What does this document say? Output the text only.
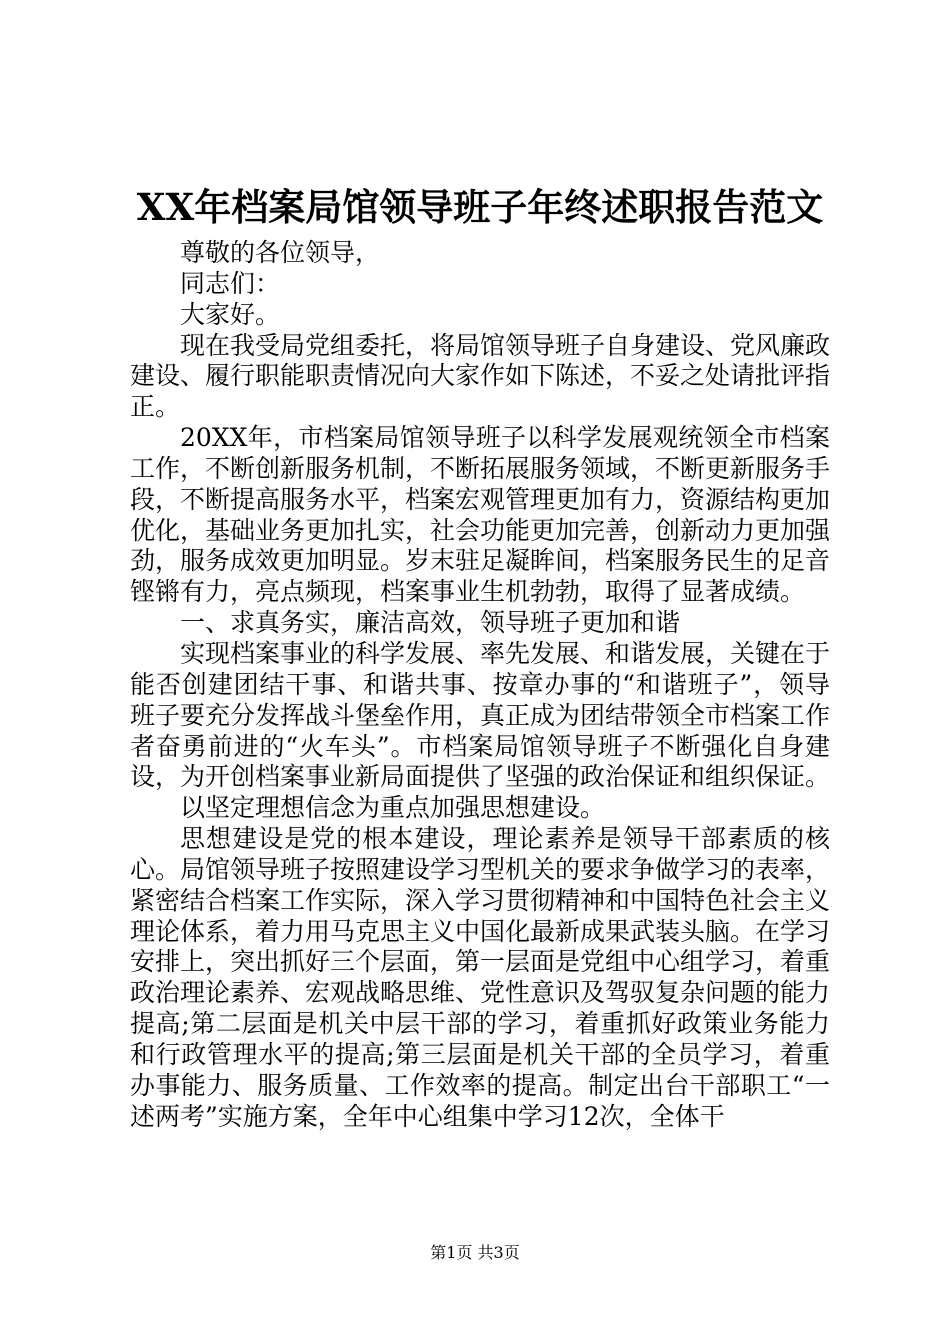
XX年档案局馆领导班子年终述职报告范文

尊敬的各位领导，

同志们：

大家好。

现在我受局党组委托，将局馆领导班子自身建设、党风廉政建设、履行职能职责情况向大家作如下陈述，不妥之处请批评指正。

20XX年，市档案局馆领导班子以科学发展观统领全市档案工作，不断创新服务机制，不断拓展服务领域，不断更新服务手段，不断提高服务水平，档案宏观管理更加有力，资源结构更加优化，基础业务更加扎实，社会功能更加完善，创新动力更加强劲，服务成效更加明显。岁末驻足凝眸间，档案服务民生的足音铿锵有力，亮点频现，档案事业生机勃勃，取得了显著成绩。

一、求真务实，廉洁高效，领导班子更加和谐

实现档案事业的科学发展、率先发展、和谐发展，关键在于能否创建团结干事、和谐共事、按章办事的“和谐班子”，领导班子要充分发挥战斗堡垒作用，真正成为团结带领全市档案工作者奋勇前进的“火车头”。市档案局馆领导班子不断强化自身建设，为开创档案事业新局面提供了坚强的政治保证和组织保证。

以坚定理想信念为重点加强思想建设。

思想建设是党的根本建设，理论素养是领导干部素质的核心。局馆领导班子按照建设学习型机关的要求争做学习的表率，紧密结合档案工作实际，深入学习贯彻精神和中国特色社会主义理论体系，着力用马克思主义中国化最新成果武装头脑。在学习安排上，突出抓好三个层面，第一层面是党组中心组学习，着重政治理论素养、宏观战略思维、党性意识及驾驭复杂问题的能力提高;第二层面是机关中层干部的学习，着重抓好政策业务能力和行政管理水平的提高;第三层面是机关干部的全员学习，着重办事能力、服务质量、工作效率的提高。制定出台干部职工“一述两考”实施方案，全年中心组集中学习12次，全体干

第1页 共3页
